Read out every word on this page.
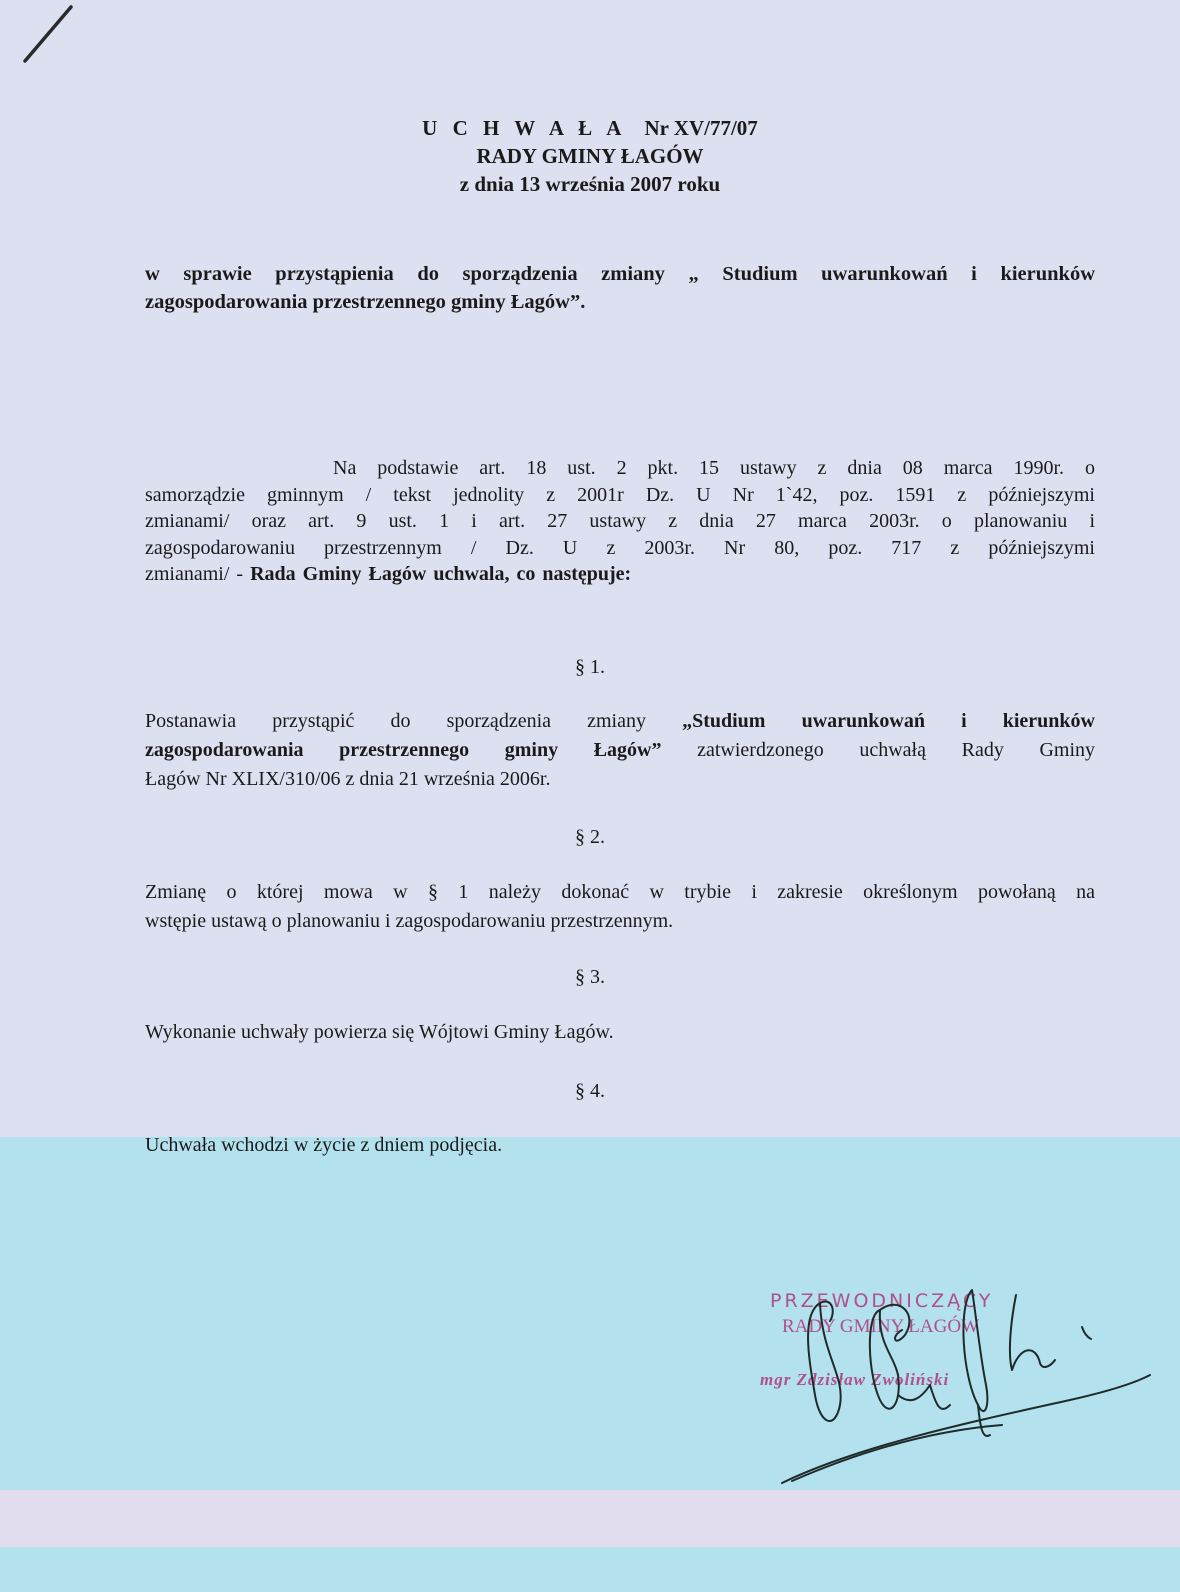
U C H W A Ł A Nr XV/77/07
RADY GMINY ŁAGÓW
z dnia 13 września 2007 roku
w sprawie przystąpienia do sporządzenia zmiany „ Studium uwarunkowań i kierunków
zagospodarowania przestrzennego gminy Łagów”.
Na podstawie art. 18 ust. 2 pkt. 15 ustawy z dnia 08 marca 1990r. o
samorządzie gminnym / tekst jednolity z 2001r Dz. U Nr 1`42, poz. 1591 z późniejszymi
zmianami/ oraz art. 9 ust. 1 i art. 27 ustawy z dnia 27 marca 2003r. o planowaniu i
zagospodarowaniu przestrzennym / Dz. U z 2003r. Nr 80, poz. 717 z późniejszymi
zmianami/ - Rada Gminy Łagów uchwala, co następuje:
§ 1.
Postanawia przystąpić do sporządzenia zmiany „Studium uwarunkowań i kierunków
zagospodarowania przestrzennego gminy Łagów” zatwierdzonego uchwałą Rady Gminy
Łagów Nr XLIX/310/06 z dnia 21 września 2006r.
§ 2.
Zmianę o której mowa w § 1 należy dokonać w trybie i zakresie określonym powołaną na
wstępie ustawą o planowaniu i zagospodarowaniu przestrzennym.
§ 3.
Wykonanie uchwały powierza się Wójtowi Gminy Łagów.
§ 4.
Uchwała wchodzi w życie z dniem podjęcia.
PRZEWODNICZĄCY
RADY GMINY ŁAGÓW
mgr Zdzisław Zwoliński
